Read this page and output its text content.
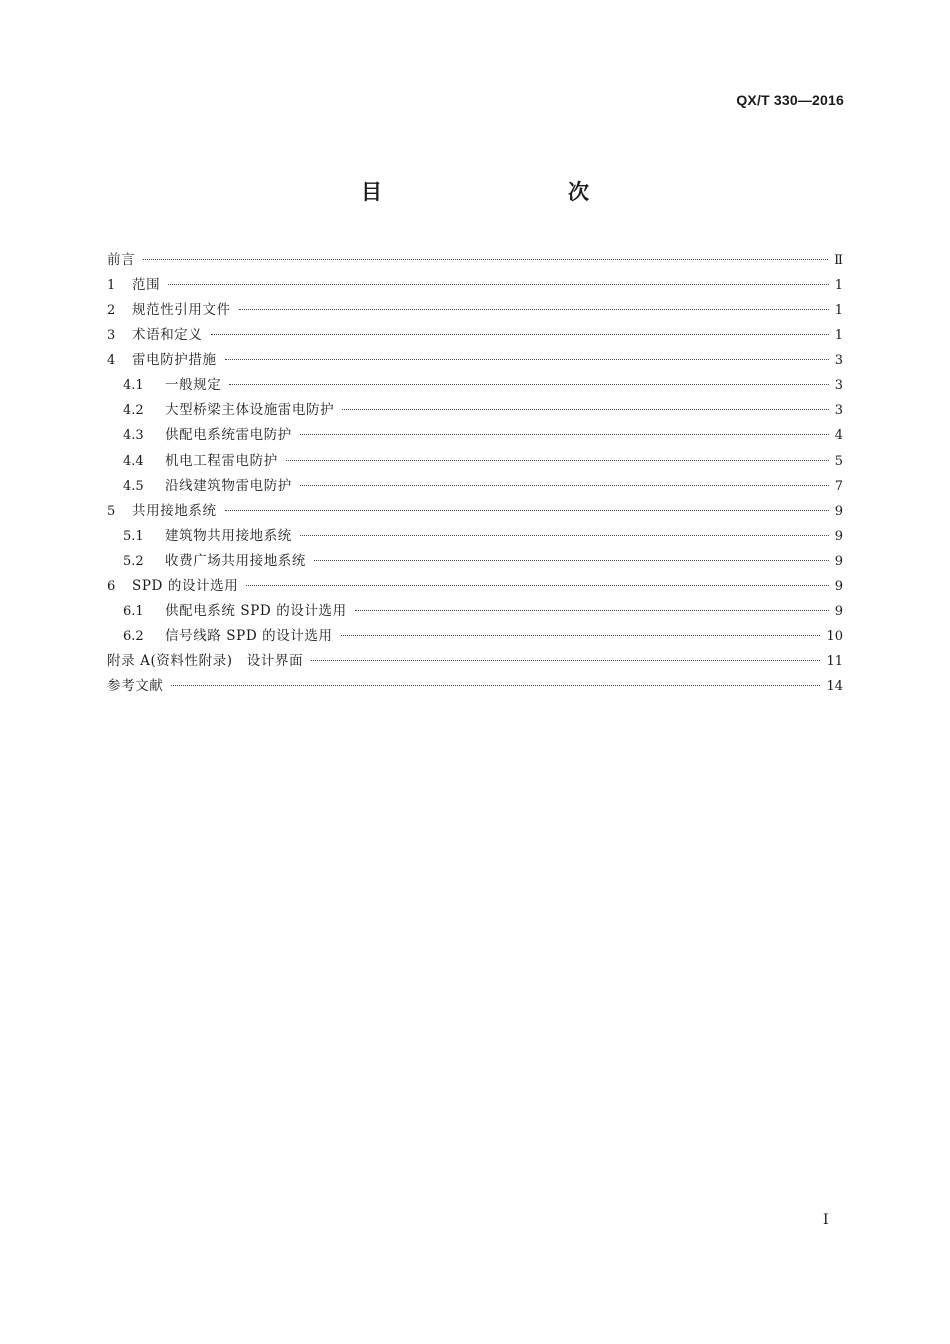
QX/T 330—2016
目　　次
前言	Ⅱ
1	范围	1
2	规范性引用文件	1
3	术语和定义	1
4	雷电防护措施	3
4.1	一般规定	3
4.2	大型桥梁主体设施雷电防护	3
4.3	供配电系统雷电防护	4
4.4	机电工程雷电防护	5
4.5	沿线建筑物雷电防护	7
5	共用接地系统	9
5.1	建筑物共用接地系统	9
5.2	收费广场共用接地系统	9
6	SPD 的设计选用	9
6.1	供配电系统 SPD 的设计选用	9
6.2	信号线路 SPD 的设计选用	10
附录 A(资料性附录)　设计界面	11
参考文献	14
I
